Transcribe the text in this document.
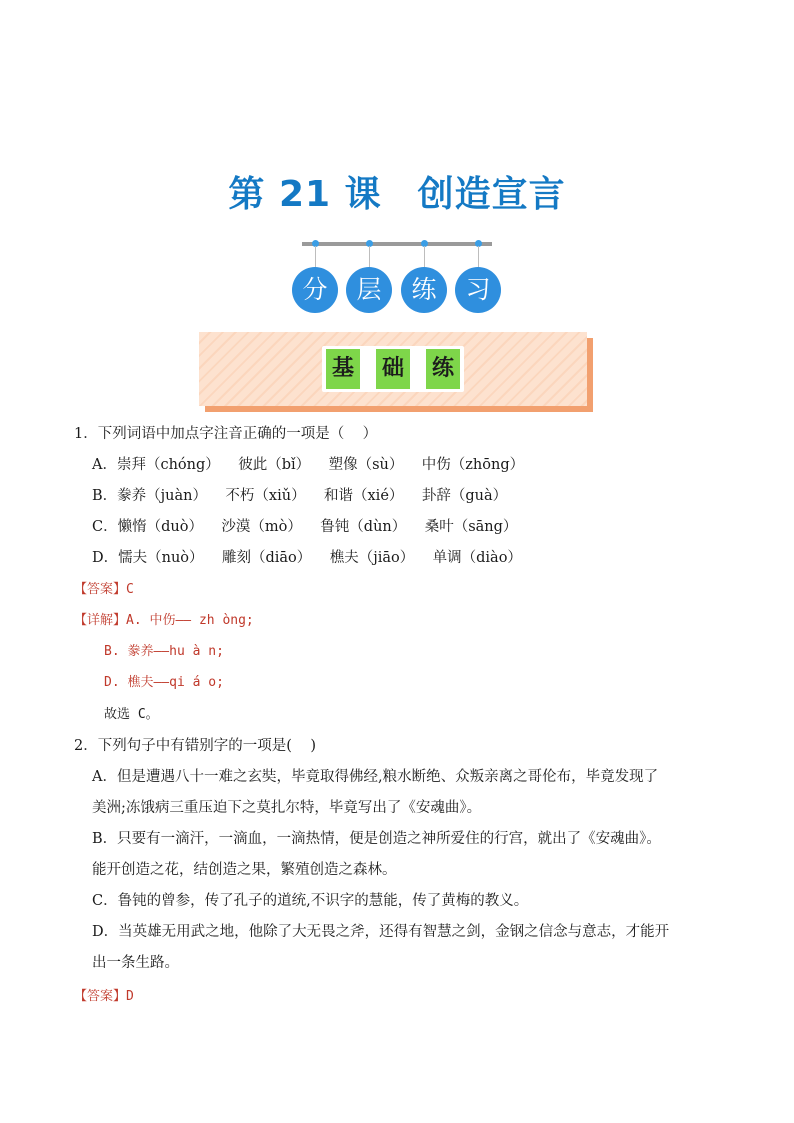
第 21 课 创造宣言
分	层	练	习
基 础 练
1．下列词语中加点字注音正确的一项是（    ）
A．崇拜（chóng）    彼此（bǐ）    塑像（sù）    中伤（zhōng）
B．豢养（juàn）    不朽（xiǔ）    和谐（xié）    卦辞（guà）
C．懒惰（duò）    沙漠（mò）    鲁钝（dùn）    桑叶（sāng）
D．懦夫（nuò）    雕刻（diāo）    樵夫（jiāo）    单调（diào）
【答案】C
【详解】A. 中伤—— zh òng;
B. 豢养——hu à n;
D. 樵夫——qi á o;
故选 C。
2．下列句子中有错别字的一项是(    )
A．但是遭遇八十一难之玄奘，毕竟取得佛经,粮水断绝、众叛亲离之哥伦布，毕竟发现了
美洲;冻饿病三重压迫下之莫扎尔特，毕竟写出了《安魂曲》。
B．只要有一滴汗，一滴血，一滴热情，便是创造之神所爱住的行宫，就出了《安魂曲》。
能开创造之花，结创造之果，繁殖创造之森林。
C．鲁钝的曾参，传了孔子的道统,不识字的慧能，传了黄梅的教义。
D．当英雄无用武之地，他除了大无畏之斧，还得有智慧之剑，金钢之信念与意志，才能开
出一条生路。
【答案】D
